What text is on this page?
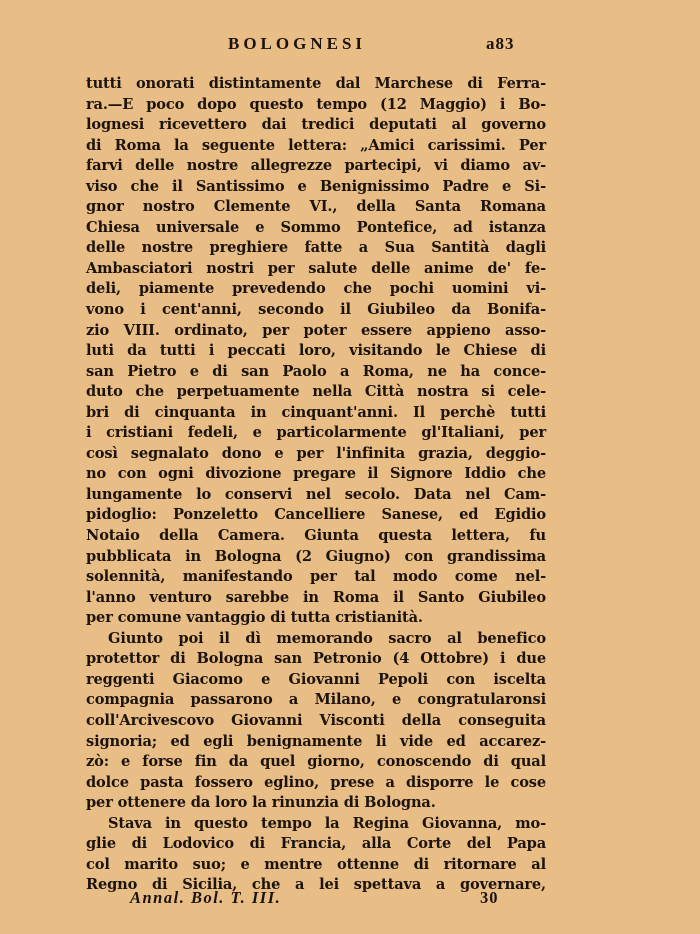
BOLOGNESI	a83
tutti onorati distintamente dal Marchese di Ferra-
ra.—E poco dopo questo tempo (12 Maggio) i Bo-
lognesi ricevettero dai tredici deputati al governo
di Roma la seguente lettera: „Amici carissimi. Per
farvi delle nostre allegrezze partecipi, vi diamo av-
viso che il Santissimo e Benignissimo Padre e Si-
gnor nostro Clemente VI., della Santa Romana
Chiesa universale e Sommo Pontefice, ad istanza
delle nostre preghiere fatte a Sua Santità dagli
Ambasciatori nostri per salute delle anime de' fe-
deli, piamente prevedendo che pochi uomini vi-
vono i cent'anni, secondo il Giubileo da Bonifa-
zio VIII. ordinato, per poter essere appieno asso-
luti da tutti i peccati loro, visitando le Chiese di
san Pietro e di san Paolo a Roma, ne ha conce-
duto che perpetuamente nella Città nostra si cele-
bri di cinquanta in cinquant'anni. Il perchè tutti
i cristiani fedeli, e particolarmente gl'Italiani, per
così segnalato dono e per l'infinita grazia, deggio-
no con ogni divozione pregare il Signore Iddio che
lungamente lo conservi nel secolo. Data nel Cam-
pidoglio: Ponzeletto Cancelliere Sanese, ed Egidio
Notaio della Camera. Giunta questa lettera, fu
pubblicata in Bologna (2 Giugno) con grandissima
solennità, manifestando per tal modo come nel-
l'anno venturo sarebbe in Roma il Santo Giubileo
per comune vantaggio di tutta cristianità.
Giunto poi il dì memorando sacro al benefico
protettor di Bologna san Petronio (4 Ottobre) i due
reggenti Giacomo e Giovanni Pepoli con iscelta
compagnia passarono a Milano, e congratularonsi
coll'Arcivescovo Giovanni Visconti della conseguita
signoria; ed egli benignamente li vide ed accarez-
zò: e forse fin da quel giorno, conoscendo di qual
dolce pasta fossero eglino, prese a disporre le cose
per ottenere da loro la rinunzia di Bologna.
Stava in questo tempo la Regina Giovanna, mo-
glie di Lodovico di Francia, alla Corte del Papa
col marito suo; e mentre ottenne di ritornare al
Regno di Sicilia, che a lei spettava a governare,
Annal. Bol. T. III.	30
